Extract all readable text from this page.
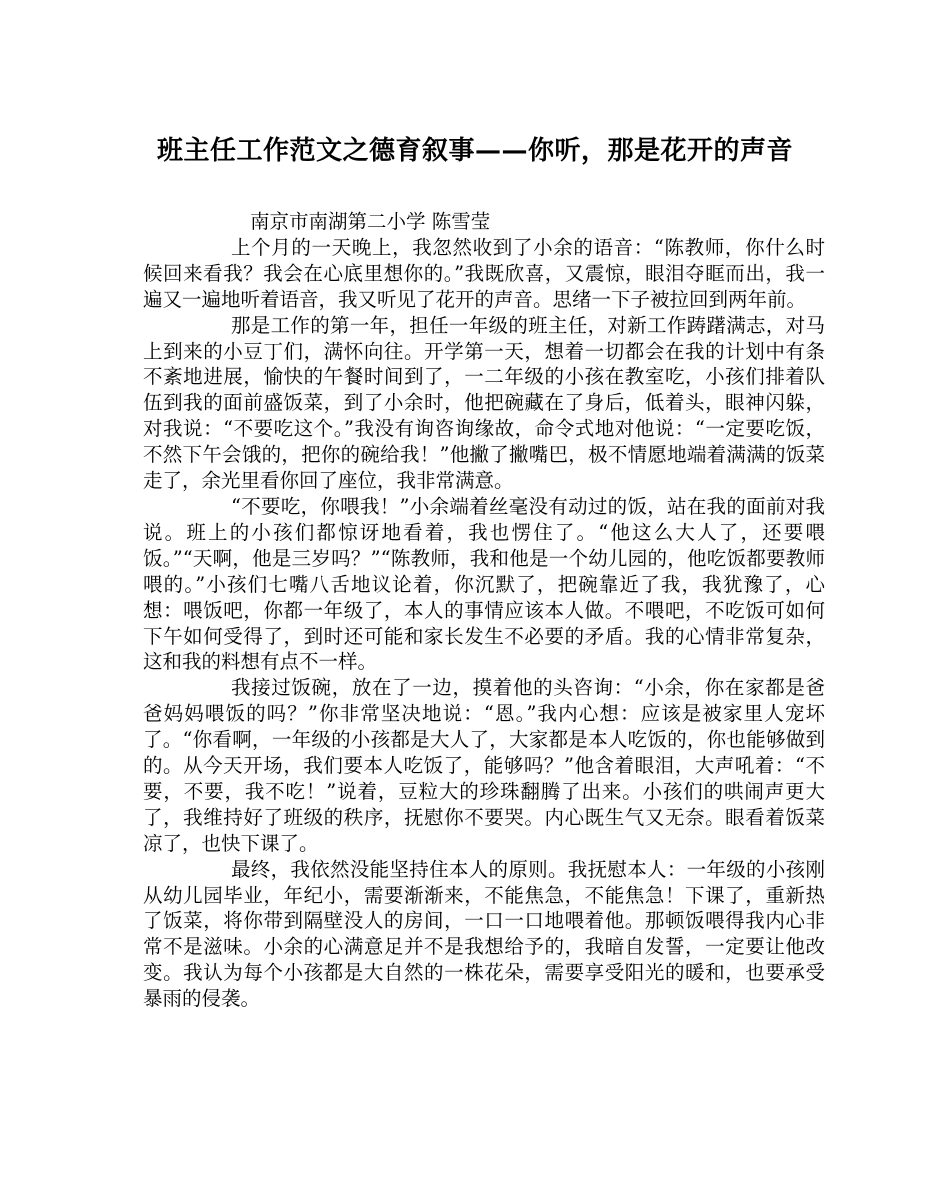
班主任工作范文之德育叙事——你听，那是花开的声音

南京市南湖第二小学 陈雪莹

上个月的一天晚上，我忽然收到了小余的语音：“陈教师，你什么时候回来看我？我会在心底里想你的。”我既欣喜，又震惊，眼泪夺眶而出，我一遍又一遍地听着语音，我又听见了花开的声音。思绪一下子被拉回到两年前。

那是工作的第一年，担任一年级的班主任，对新工作踌躇满志，对马上到来的小豆丁们，满怀向往。开学第一天，想着一切都会在我的计划中有条不紊地进展，愉快的午餐时间到了，一二年级的小孩在教室吃，小孩们排着队伍到我的面前盛饭菜，到了小余时，他把碗藏在了身后，低着头，眼神闪躲，对我说：“不要吃这个。”我没有询咨询缘故，命令式地对他说：“一定要吃饭，不然下午会饿的，把你的碗给我！”他撇了撇嘴巴，极不情愿地端着满满的饭菜走了，余光里看你回了座位，我非常满意。

“不要吃，你喂我！”小余端着丝毫没有动过的饭，站在我的面前对我说。班上的小孩们都惊讶地看着，我也愣住了。“他这么大人了，还要喂饭。”“天啊，他是三岁吗？”“陈教师，我和他是一个幼儿园的，他吃饭都要教师喂的。”小孩们七嘴八舌地议论着，你沉默了，把碗靠近了我，我犹豫了，心想：喂饭吧，你都一年级了，本人的事情应该本人做。不喂吧，不吃饭可如何下午如何受得了，到时还可能和家长发生不必要的矛盾。我的心情非常复杂，这和我的料想有点不一样。

我接过饭碗，放在了一边，摸着他的头咨询：“小余，你在家都是爸爸妈妈喂饭的吗？”你非常坚决地说：“恩。”我内心想：应该是被家里人宠坏了。“你看啊，一年级的小孩都是大人了，大家都是本人吃饭的，你也能够做到的。从今天开场，我们要本人吃饭了，能够吗？”他含着眼泪，大声吼着：“不要，不要，我不吃！”说着，豆粒大的珍珠翻腾了出来。小孩们的哄闹声更大了，我维持好了班级的秩序，抚慰你不要哭。内心既生气又无奈。眼看着饭菜凉了，也快下课了。

最终，我依然没能坚持住本人的原则。我抚慰本人：一年级的小孩刚从幼儿园毕业，年纪小，需要渐渐来，不能焦急，不能焦急！下课了，重新热了饭菜，将你带到隔壁没人的房间，一口一口地喂着他。那顿饭喂得我内心非常不是滋味。小余的心满意足并不是我想给予的，我暗自发誓，一定要让他改变。我认为每个小孩都是大自然的一株花朵，需要享受阳光的暖和，也要承受暴雨的侵袭。
